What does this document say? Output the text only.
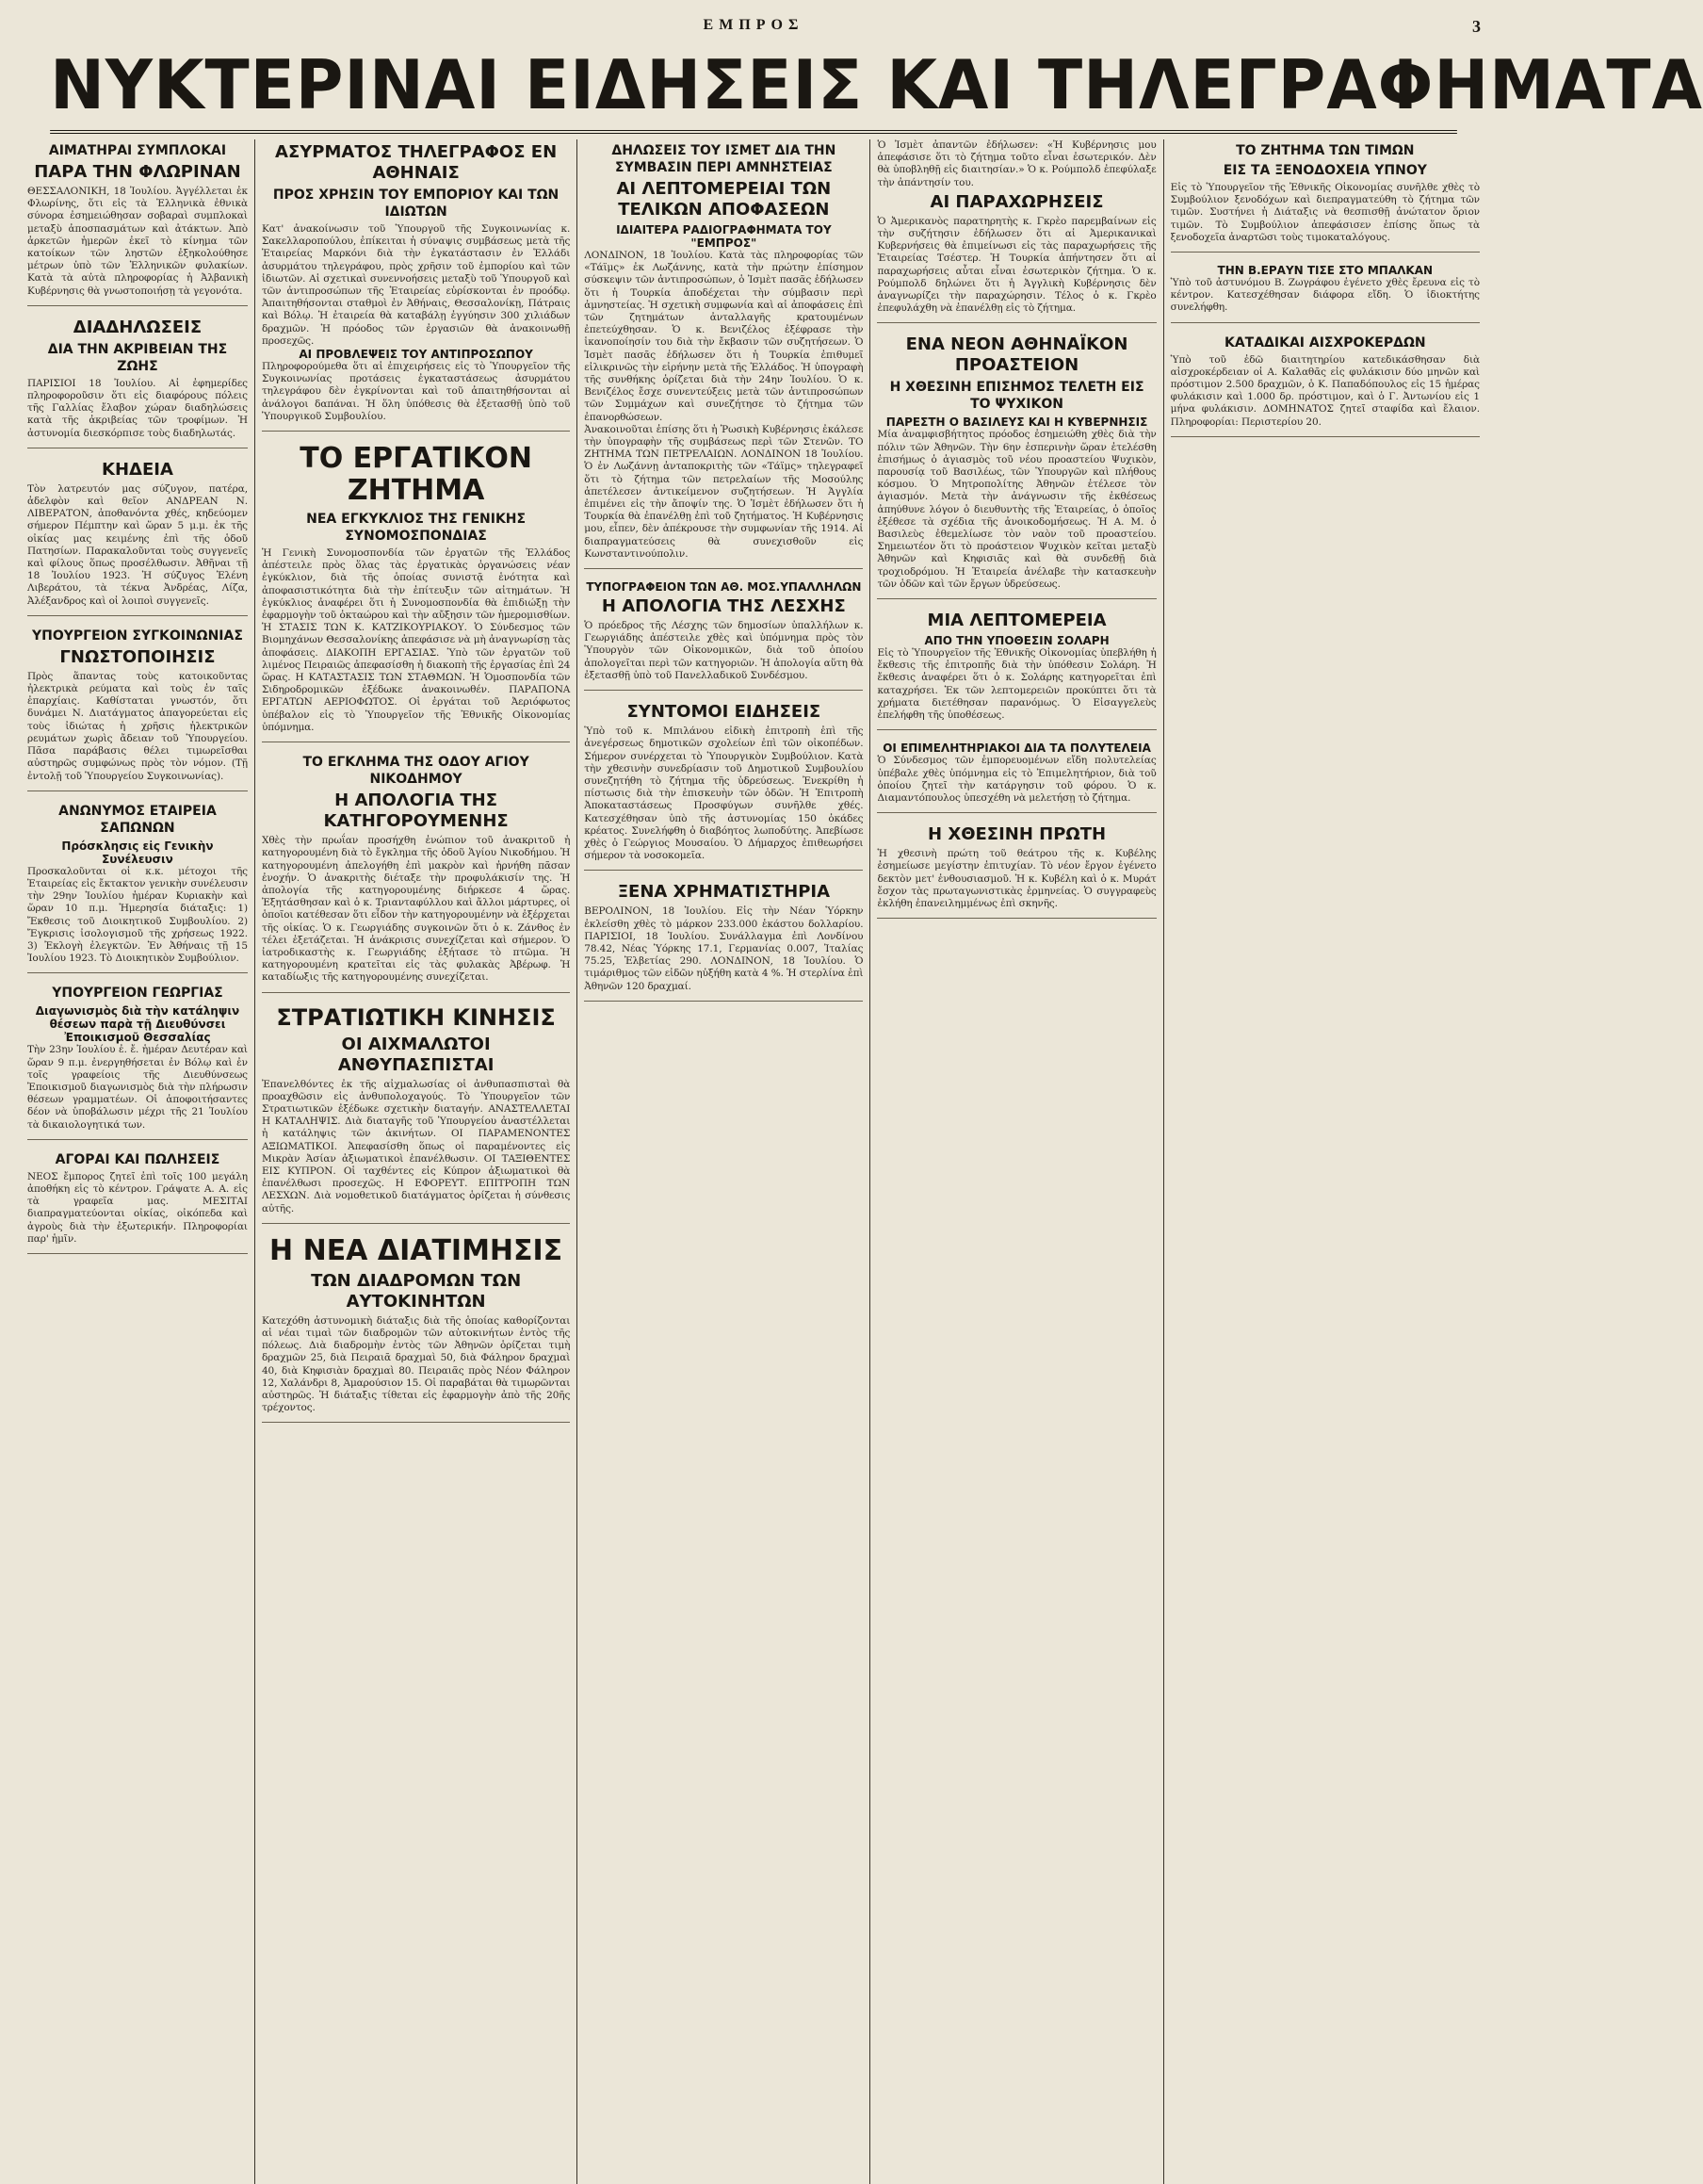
ΕΜΠΡΟΣ	3
ΝΥΚΤΕΡΙΝΑΙ ΕΙΔΗΣΕΙΣ ΚΑΙ ΤΗΛΕΓΡΑΦΗΜΑΤΑ
ΑΙΜΑΤΗΡΑΙ ΣΥΜΠΛΟΚΑΙ
ΠΑΡΑ ΤΗΝ ΦΛΩΡΙΝΑΝ
ΘΕΣΣΑΛΟΝΙΚΗ, 18 Ἰουλίου. Ἀγγέλλεται ἐκ Φλωρίνης, ὅτι εἰς τὰ Ἑλληνικὰ ἐθνικὰ σύνορα ἐσημειώθησαν σοβαραὶ συμπλοκαὶ μεταξὺ ἀποσπασμάτων καὶ ἀτάκτων. Ἀπὸ ἀρκετῶν ἡμερῶν ἐκεῖ τὸ κίνημα τῶν κατοίκων τῶν ληστῶν ἐξηκολούθησε μέτρων ὑπὸ τῶν Ἑλληνικῶν φυλακίων. Κατὰ τὰ αὐτὰ πληροφορίας ἡ Ἀλβανικὴ Κυβέρνησις θὰ γνωστοποιήσῃ τὰ γεγονότα.
ΔΙΑΔΗΛΩΣΕΙΣ
ΔΙΑ ΤΗΝ ΑΚΡΙΒΕΙΑΝ ΤΗΣ ΖΩΗΣ
ΠΑΡΙΣΙΟΙ 18 Ἰουλίου. Αἱ ἐφημερίδες πληροφοροῦσιν ὅτι εἰς διαφόρους πόλεις τῆς Γαλλίας ἔλαβον χώραν διαδηλώσεις κατὰ τῆς ἀκριβείας τῶν τροφίμων. Ἡ ἀστυνομία διεσκόρπισε τοὺς διαδηλωτάς.
ΚΗΔΕΙΑ
Τὸν λατρευτόν μας σύζυγον, πατέρα, ἀδελφὸν καὶ θεῖον ΑΝΔΡΕΑΝ Ν. ΛΙΒΕΡΑΤΟΝ, ἀποθανόντα χθές, κηδεύομεν σήμερον Πέμπτην καὶ ὥραν 5 μ.μ. ἐκ τῆς οἰκίας μας κειμένης ἐπὶ τῆς ὁδοῦ Πατησίων. Παρακαλοῦνται τοὺς συγγενεῖς καὶ φίλους ὅπως προσέλθωσιν. Ἀθῆναι τῇ 18 Ἰουλίου 1923. Ἡ σύζυγος Ἑλένη Λιβεράτου, τὰ τέκνα Ἀνδρέας, Λίζα, Ἀλέξανδρος καὶ οἱ λοιποὶ συγγενεῖς.
ΥΠΟΥΡΓΕΙΟΝ ΣΥΓΚΟΙΝΩΝΙΑΣ
ΓΝΩΣΤΟΠΟΙΗΣΙΣ
Πρὸς ἅπαντας τοὺς κατοικοῦντας ἠλεκτρικὰ ρεύματα καὶ τοὺς ἐν ταῖς ἐπαρχίαις. Καθίσταται γνωστόν, ὅτι δυνάμει Ν. Διατάγματος ἀπαγορεύεται εἰς τοὺς ἰδιώτας ἡ χρῆσις ἠλεκτρικῶν ρευμάτων χωρὶς ἄδειαν τοῦ Ὑπουργείου. Πᾶσα παράβασις θέλει τιμωρεῖσθαι αὐστηρῶς συμφώνως πρὸς τὸν νόμον. (Τῇ ἐντολῇ τοῦ Ὑπουργείου Συγκοινωνίας).
ΑΝΩΝΥΜΟΣ ΕΤΑΙΡΕΙΑ ΣΑΠΩΝΩΝ
Πρόσκλησις εἰς Γενικὴν Συνέλευσιν
Προσκαλοῦνται οἱ κ.κ. μέτοχοι τῆς Ἑταιρείας εἰς ἔκτακτον γενικὴν συνέλευσιν τὴν 29ην Ἰουλίου ἡμέραν Κυριακὴν καὶ ὥραν 10 π.μ. Ἡμερησία διάταξις: 1) Ἔκθεσις τοῦ Διοικητικοῦ Συμβουλίου. 2) Ἔγκρισις ἰσολογισμοῦ τῆς χρήσεως 1922. 3) Ἐκλογὴ ἐλεγκτῶν. Ἐν Ἀθήναις τῇ 15 Ἰουλίου 1923. Τὸ Διοικητικὸν Συμβούλιον.
ΥΠΟΥΡΓΕΙΟΝ ΓΕΩΡΓΙΑΣ
Διαγωνισμὸς διὰ τὴν κατάληψιν θέσεων παρὰ τῇ Διευθύνσει Ἐποικισμοῦ Θεσσαλίας
Τὴν 23ην Ἰουλίου ἐ. ἔ. ἡμέραν Δευτέραν καὶ ὥραν 9 π.μ. ἐνεργηθήσεται ἐν Βόλῳ καὶ ἐν τοῖς γραφείοις τῆς Διευθύνσεως Ἐποικισμοῦ διαγωνισμὸς διὰ τὴν πλήρωσιν θέσεων γραμματέων. Οἱ ἀποφοιτήσαντες δέον νὰ ὑποβάλωσιν μέχρι τῆς 21 Ἰουλίου τὰ δικαιολογητικά των.
ΑΓΟΡΑΙ ΚΑΙ ΠΩΛΗΣΕΙΣ
ΝΕΟΣ ἔμπορος ζητεῖ ἐπὶ τοῖς 100 μεγάλη ἀποθήκη εἰς τὸ κέντρον. Γράψατε Α. Α. εἰς τὰ γραφεῖα μας. ΜΕΣΙΤΑΙ διαπραγματεύονται οἰκίας, οἰκόπεδα καὶ ἀγροὺς διὰ τὴν ἐξωτερικήν. Πληροφορίαι παρ' ἡμῖν.
ΑΣΥΡΜΑΤΟΣ ΤΗΛΕΓΡΑΦΟΣ ΕΝ ΑΘΗΝΑΙΣ
ΠΡΟΣ ΧΡΗΣΙΝ ΤΟΥ ΕΜΠΟΡΙΟΥ ΚΑΙ ΤΩΝ ΙΔΙΩΤΩΝ
Κατ' ἀνακοίνωσιν τοῦ Ὑπουργοῦ τῆς Συγκοινωνίας κ. Σακελλαροπούλου, ἐπίκειται ἡ σύναψις συμβάσεως μετὰ τῆς Ἑταιρείας Μαρκόνι διὰ τὴν ἐγκατάστασιν ἐν Ἑλλάδι ἀσυρμάτου τηλεγράφου, πρὸς χρῆσιν τοῦ ἐμπορίου καὶ τῶν ἰδιωτῶν. Αἱ σχετικαὶ συνεννοήσεις μεταξὺ τοῦ Ὑπουργοῦ καὶ τῶν ἀντιπροσώπων τῆς Ἑταιρείας εὑρίσκονται ἐν προόδῳ. Ἀπαιτηθήσονται σταθμοὶ ἐν Ἀθήναις, Θεσσαλονίκῃ, Πάτραις καὶ Βόλῳ. Ἡ ἐταιρεία θὰ καταβάλῃ ἐγγύησιν 300 χιλιάδων δραχμῶν. Ἡ πρόοδος τῶν ἐργασιῶν θὰ ἀνακοινωθῇ προσεχῶς.
ΑΙ ΠΡΟΒΛΕΨΕΙΣ ΤΟΥ ΑΝΤΙΠΡΟΣΩΠΟΥ
Πληροφορούμεθα ὅτι αἱ ἐπιχειρήσεις εἰς τὸ Ὑπουργεῖον τῆς Συγκοινωνίας προτάσεις ἐγκαταστάσεως ἀσυρμάτου τηλεγράφου δὲν ἐγκρίνονται καὶ τοῦ ἀπαιτηθήσονται αἱ ἀνάλογοι δαπάναι. Ἡ ὅλη ὑπόθεσις θὰ ἐξετασθῇ ὑπὸ τοῦ Ὑπουργικοῦ Συμβουλίου.
ΤΟ ΕΡΓΑΤΙΚΟΝ ΖΗΤΗΜΑ
ΝΕΑ ΕΓΚΥΚΛΙΟΣ ΤΗΣ ΓΕΝΙΚΗΣ ΣΥΝΟΜΟΣΠΟΝΔΙΑΣ
Ἡ Γενικὴ Συνομοσπονδία τῶν ἐργατῶν τῆς Ἑλλάδος ἀπέστειλε πρὸς ὅλας τὰς ἐργατικὰς ὀργανώσεις νέαν ἐγκύκλιον, διὰ τῆς ὁποίας συνιστᾷ ἑνότητα καὶ ἀποφασιστικότητα διὰ τὴν ἐπίτευξιν τῶν αἰτημάτων. Ἡ ἐγκύκλιος ἀναφέρει ὅτι ἡ Συνομοσπονδία θὰ ἐπιδιώξῃ τὴν ἐφαρμογὴν τοῦ ὀκταώρου καὶ τὴν αὔξησιν τῶν ἡμερομισθίων. Ἡ ΣΤΑΣΙΣ ΤΩΝ Κ. ΚΑΤΖΙΚΟΥΡΙΑΚΟΥ. Ὁ Σύνδεσμος τῶν Βιομηχάνων Θεσσαλονίκης ἀπεφάσισε νὰ μὴ ἀναγνωρίσῃ τὰς ἀποφάσεις. ΔΙΑΚΟΠΗ ΕΡΓΑΣΙΑΣ. Ὑπὸ τῶν ἐργατῶν τοῦ λιμένος Πειραιῶς ἀπεφασίσθη ἡ διακοπὴ τῆς ἐργασίας ἐπὶ 24 ὥρας. Η ΚΑΤΑΣΤΑΣΙΣ ΤΩΝ ΣΤΑΘΜΩΝ. Ἡ Ὁμοσπονδία τῶν Σιδηροδρομικῶν ἐξέδωκε ἀνακοινωθέν. ΠΑΡΑΠΟΝΑ ΕΡΓΑΤΩΝ ΑΕΡΙΟΦΩΤΟΣ. Οἱ ἐργάται τοῦ Ἀεριόφωτος ὑπέβαλον εἰς τὸ Ὑπουργεῖον τῆς Ἐθνικῆς Οἰκονομίας ὑπόμνημα.
ΤΟ ΕΓΚΛΗΜΑ ΤΗΣ ΟΔΟΥ ΑΓΙΟΥ ΝΙΚΟΔΗΜΟΥ
Η ΑΠΟΛΟΓΙΑ ΤΗΣ ΚΑΤΗΓΟΡΟΥΜΕΝΗΣ
Χθὲς τὴν πρωΐαν προσήχθη ἐνώπιον τοῦ ἀνακριτοῦ ἡ κατηγορουμένη διὰ τὸ ἔγκλημα τῆς ὁδοῦ Ἁγίου Νικοδήμου. Ἡ κατηγορουμένη ἀπελογήθη ἐπὶ μακρὸν καὶ ἠρνήθη πᾶσαν ἐνοχήν. Ὁ ἀνακριτὴς διέταξε τὴν προφυλάκισίν της. Ἡ ἀπολογία τῆς κατηγορουμένης διήρκεσε 4 ὥρας. Ἐξητάσθησαν καὶ ὁ κ. Τριανταφύλλου καὶ ἄλλοι μάρτυρες, οἱ ὁποῖοι κατέθεσαν ὅτι εἶδον τὴν κατηγορουμένην νὰ ἐξέρχεται τῆς οἰκίας. Ὁ κ. Γεωργιάδης συγκοινῶν ὅτι ὁ κ. Ζάνθος ἐν τέλει ἐξετάζεται. Ἡ ἀνάκρισις συνεχίζεται καὶ σήμερον. Ὁ ἰατροδικαστὴς κ. Γεωργιάδης ἐξήτασε τὸ πτῶμα. Ἡ κατηγορουμένη κρατεῖται εἰς τὰς φυλακὰς Ἀβέρωφ. Ἡ καταδίωξις τῆς κατηγορουμένης συνεχίζεται.
ΣΤΡΑΤΙΩΤΙΚΗ ΚΙΝΗΣΙΣ
ΟΙ ΑΙΧΜΑΛΩΤΟΙ ΑΝΘΥΠΑΣΠΙΣΤΑΙ
Ἐπανελθόντες ἐκ τῆς αἰχμαλωσίας οἱ ἀνθυπασπισταὶ θὰ προαχθῶσιν εἰς ἀνθυπολοχαγούς. Τὸ Ὑπουργεῖον τῶν Στρατιωτικῶν ἐξέδωκε σχετικὴν διαταγήν. ΑΝΑΣΤΕΛΛΕΤΑΙ Η ΚΑΤΑΛΗΨΙΣ. Διὰ διαταγῆς τοῦ Ὑπουργείου ἀναστέλλεται ἡ κατάληψις τῶν ἀκινήτων. ΟΙ ΠΑΡΑΜΕΝΟΝΤΕΣ ΑΞΙΩΜΑΤΙΚΟΙ. Ἀπεφασίσθη ὅπως οἱ παραμένοντες εἰς Μικρὰν Ἀσίαν ἀξιωματικοὶ ἐπανέλθωσιν. ΟΙ ΤΑΞΙΘΕΝΤΕΣ ΕΙΣ ΚΥΠΡΟΝ. Οἱ ταχθέντες εἰς Κύπρον ἀξιωματικοὶ θὰ ἐπανέλθωσι προσεχῶς. Η ΕΦΟΡΕΥΤ. ΕΠΙΤΡΟΠΗ ΤΩΝ ΛΕΣΧΩΝ. Διὰ νομοθετικοῦ διατάγματος ὁρίζεται ἡ σύνθεσις αὐτῆς.
Η ΝΕΑ ΔΙΑΤΙΜΗΣΙΣ
ΤΩΝ ΔΙΑΔΡΟΜΩΝ ΤΩΝ ΑΥΤΟΚΙΝΗΤΩΝ
Κατεχόθη ἀστυνομικὴ διάταξις διὰ τῆς ὁποίας καθορίζονται αἱ νέαι τιμαὶ τῶν διαδρομῶν τῶν αὐτοκινήτων ἐντὸς τῆς πόλεως. Διὰ διαδρομὴν ἐντὸς τῶν Ἀθηνῶν ὁρίζεται τιμὴ δραχμῶν 25, διὰ Πειραιᾶ δραχμαὶ 50, διὰ Φάληρον δραχμαὶ 40, διὰ Κηφισιὰν δραχμαὶ 80. Πειραιᾶς πρὸς Νέον Φάληρον 12, Χαλάνδρι 8, Ἀμαρούσιον 15. Οἱ παραβάται θὰ τιμωρῶνται αὐστηρῶς. Ἡ διάταξις τίθεται εἰς ἐφαρμογὴν ἀπὸ τῆς 20ῆς τρέχοντος.
ΔΗΛΩΣΕΙΣ ΤΟΥ ΙΣΜΕΤ ΔΙΑ ΤΗΝ ΣΥΜΒΑΣΙΝ ΠΕΡΙ ΑΜΝΗΣΤΕΙΑΣ
ΑΙ ΛΕΠΤΟΜΕΡΕΙΑΙ ΤΩΝ ΤΕΛΙΚΩΝ ΑΠΟΦΑΣΕΩΝ
ΙΔΙΑΙΤΕΡΑ ΡΑΔΙΟΓΡΑΦΗΜΑΤΑ ΤΟΥ "ΕΜΠΡΟΣ"
ΛΟΝΔΙΝΟΝ, 18 Ἰουλίου. Κατὰ τὰς πληροφορίας τῶν «Τάϊμς» ἐκ Λωζάννης, κατὰ τὴν πρώτην ἐπίσημον σύσκεψιν τῶν ἀντιπροσώπων, ὁ Ἰσμὲτ πασᾶς ἐδήλωσεν ὅτι ἡ Τουρκία ἀποδέχεται τὴν σύμβασιν περὶ ἀμνηστείας. Ἡ σχετικὴ συμφωνία καὶ αἱ ἀποφάσεις ἐπὶ τῶν ζητημάτων ἀνταλλαγῆς κρατουμένων ἐπετεύχθησαν. Ὁ κ. Βενιζέλος ἐξέφρασε τὴν ἱκανοποίησίν του διὰ τὴν ἔκβασιν τῶν συζητήσεων. Ὁ Ἰσμὲτ πασᾶς ἐδήλωσεν ὅτι ἡ Τουρκία ἐπιθυμεῖ εἰλικρινῶς τὴν εἰρήνην μετὰ τῆς Ἑλλάδος. Ἡ ὑπογραφὴ τῆς συνθήκης ὁρίζεται διὰ τὴν 24ην Ἰουλίου. Ὁ κ. Βενιζέλος ἔσχε συνεντεύξεις μετὰ τῶν ἀντιπροσώπων τῶν Συμμάχων καὶ συνεζήτησε τὸ ζήτημα τῶν ἐπανορθώσεων.
Ἀνακοινοῦται ἐπίσης ὅτι ἡ Ῥωσικὴ Κυβέρνησις ἐκάλεσε τὴν ὑπογραφὴν τῆς συμβάσεως περὶ τῶν Στενῶν. ΤΟ ΖΗΤΗΜΑ ΤΩΝ ΠΕΤΡΕΛΑΙΩΝ. ΛΟΝΔΙΝΟΝ 18 Ἰουλίου. Ὁ ἐν Λωζάννῃ ἀνταποκριτὴς τῶν «Τάϊμς» τηλεγραφεῖ ὅτι τὸ ζήτημα τῶν πετρελαίων τῆς Μοσούλης ἀπετέλεσεν ἀντικείμενον συζητήσεων. Ἡ Ἀγγλία ἐπιμένει εἰς τὴν ἄποψίν της. Ὁ Ἰσμὲτ ἐδήλωσεν ὅτι ἡ Τουρκία θὰ ἐπανέλθῃ ἐπὶ τοῦ ζητήματος. Ἡ Κυβέρνησις μου, εἶπεν, δὲν ἀπέκρουσε τὴν συμφωνίαν τῆς 1914. Αἱ διαπραγματεύσεις θὰ συνεχισθοῦν εἰς Κωνσταντινούπολιν.
ΤΥΠΟΓΡΑΦΕΙΟΝ ΤΩΝ ΑΘ. ΜΟΣ.ΥΠΑΛΛΗΛΩΝ
Η ΑΠΟΛΟΓΙΑ ΤΗΣ ΛΕΣΧΗΣ
Ὁ πρόεδρος τῆς Λέσχης τῶν δημοσίων ὑπαλλήλων κ. Γεωργιάδης ἀπέστειλε χθὲς καὶ ὑπόμνημα πρὸς τὸν Ὑπουργὸν τῶν Οἰκονομικῶν, διὰ τοῦ ὁποίου ἀπολογεῖται περὶ τῶν κατηγοριῶν. Ἡ ἀπολογία αὕτη θὰ ἐξετασθῇ ὑπὸ τοῦ Πανελλαδικοῦ Συνδέσμου.
ΣΥΝΤΟΜΟΙ ΕΙΔΗΣΕΙΣ
Ὑπὸ τοῦ κ. Μπιλάνου εἰδικὴ ἐπιτροπὴ ἐπὶ τῆς ἀνεγέρσεως δημοτικῶν σχολείων ἐπὶ τῶν οἰκοπέδων. Σήμερον συνέρχεται τὸ Ὑπουργικὸν Συμβούλιον. Κατὰ τὴν χθεσινὴν συνεδρίασιν τοῦ Δημοτικοῦ Συμβουλίου συνεζητήθη τὸ ζήτημα τῆς ὑδρεύσεως. Ἐνεκρίθη ἡ πίστωσις διὰ τὴν ἐπισκευὴν τῶν ὁδῶν. Ἡ Ἐπιτροπὴ Ἀποκαταστάσεως Προσφύγων συνῆλθε χθές. Κατεσχέθησαν ὑπὸ τῆς ἀστυνομίας 150 ὀκάδες κρέατος. Συνελήφθη ὁ διαβόητος λωποδύτης. Ἀπεβίωσε χθὲς ὁ Γεώργιος Μουσαίου. Ὁ Δήμαρχος ἐπιθεωρήσει σήμερον τὰ νοσοκομεῖα.
ΞΕΝΑ ΧΡΗΜΑΤΙΣΤΗΡΙΑ
ΒΕΡΟΛΙΝΟΝ, 18 Ἰουλίου. Εἰς τὴν Νέαν Ὑόρκην ἐκλείσθη χθὲς τὸ μάρκον 233.000 ἑκάστου δολλαρίου. ΠΑΡΙΣΙΟΙ, 18 Ἰουλίου. Συνάλλαγμα ἐπὶ Λονδίνου 78.42, Νέας Ὑόρκης 17.1, Γερμανίας 0.007, Ἰταλίας 75.25, Ἑλβετίας 290. ΛΟΝΔΙΝΟΝ, 18 Ἰουλίου. Ὁ τιμάριθμος τῶν εἰδῶν ηὐξήθη κατὰ 4 %. Ἡ στερλίνα ἐπὶ Ἀθηνῶν 120 δραχμαί.
Ὁ Ἰσμὲτ ἀπαντῶν ἐδήλωσεν: «Ἡ Κυβέρνησις μου ἀπεφάσισε ὅτι τὸ ζήτημα τοῦτο εἶναι ἐσωτερικόν. Δὲν θὰ ὑποβληθῇ εἰς διαιτησίαν.» Ὁ κ. Ρούμπολδ ἐπεφύλαξε τὴν ἀπάντησίν του.
ΑΙ ΠΑΡΑΧΩΡΗΣΕΙΣ
Ὁ Ἀμερικανὸς παρατηρητὴς κ. Γκρὲο παρεμβαίνων εἰς τὴν συζήτησιν ἐδήλωσεν ὅτι αἱ Ἀμερικανικαὶ Κυβερνήσεις θὰ ἐπιμείνωσι εἰς τὰς παραχωρήσεις τῆς Ἑταιρείας Τσέστερ. Ἡ Τουρκία ἀπήντησεν ὅτι αἱ παραχωρήσεις αὗται εἶναι ἐσωτερικὸν ζήτημα. Ὁ κ. Ρούμπολδ δηλώνει ὅτι ἡ Ἀγγλικὴ Κυβέρνησις δὲν ἀναγνωρίζει τὴν παραχώρησιν. Τέλος ὁ κ. Γκρὲο ἐπεφυλάχθη νὰ ἐπανέλθῃ εἰς τὸ ζήτημα.
ΕΝΑ ΝΕΟΝ ΑΘΗΝΑΪΚΟΝ ΠΡΟΑΣΤΕΙΟΝ
Η ΧΘΕΣΙΝΗ ΕΠΙΣΗΜΟΣ ΤΕΛΕΤΗ ΕΙΣ ΤΟ ΨΥΧΙΚΟΝ
ΠΑΡΕΣΤΗ Ο ΒΑΣΙΛΕΥΣ ΚΑΙ Η ΚΥΒΕΡΝΗΣΙΣ
Μία ἀναμφισβήτητος πρόοδος ἐσημειώθη χθὲς διὰ τὴν πόλιν τῶν Ἀθηνῶν. Τὴν 6ην ἑσπερινὴν ὥραν ἐτελέσθη ἐπισήμως ὁ ἁγιασμὸς τοῦ νέου προαστείου Ψυχικὸν, παρουσίᾳ τοῦ Βασιλέως, τῶν Ὑπουργῶν καὶ πλήθους κόσμου. Ὁ Μητροπολίτης Ἀθηνῶν ἐτέλεσε τὸν ἁγιασμόν. Μετὰ τὴν ἀνάγνωσιν τῆς ἐκθέσεως ἀπηύθυνε λόγον ὁ διευθυντὴς τῆς Ἑταιρείας, ὁ ὁποῖος ἐξέθεσε τὰ σχέδια τῆς ἀνοικοδομήσεως. Ἡ Α. Μ. ὁ Βασιλεὺς ἐθεμελίωσε τὸν ναὸν τοῦ προαστείου. Σημειωτέον ὅτι τὸ προάστειον Ψυχικὸν κεῖται μεταξὺ Ἀθηνῶν καὶ Κηφισιᾶς καὶ θὰ συνδεθῇ διὰ τροχιοδρόμου. Ἡ Ἑταιρεία ἀνέλαβε τὴν κατασκευὴν τῶν ὁδῶν καὶ τῶν ἔργων ὑδρεύσεως.
ΜΙΑ ΛΕΠΤΟΜΕΡΕΙΑ
ΑΠΟ ΤΗΝ ΥΠΟΘΕΣΙΝ ΣΟΛΑΡΗ
Εἰς τὸ Ὑπουργεῖον τῆς Ἐθνικῆς Οἰκονομίας ὑπεβλήθη ἡ ἔκθεσις τῆς ἐπιτροπῆς διὰ τὴν ὑπόθεσιν Σολάρη. Ἡ ἔκθεσις ἀναφέρει ὅτι ὁ κ. Σολάρης κατηγορεῖται ἐπὶ καταχρήσει. Ἐκ τῶν λεπτομερειῶν προκύπτει ὅτι τὰ χρήματα διετέθησαν παρανόμως. Ὁ Εἰσαγγελεὺς ἐπελήφθη τῆς ὑποθέσεως.
ΟΙ ΕΠΙΜΕΛΗΤΗΡΙΑΚΟΙ ΔΙΑ ΤΑ ΠΟΛΥΤΕΛΕΙΑ
Ὁ Σύνδεσμος τῶν ἐμπορευομένων εἴδη πολυτελείας ὑπέβαλε χθὲς ὑπόμνημα εἰς τὸ Ἐπιμελητήριον, διὰ τοῦ ὁποίου ζητεῖ τὴν κατάργησιν τοῦ φόρου. Ὁ κ. Διαμαντόπουλος ὑπεσχέθη νὰ μελετήσῃ τὸ ζήτημα.
Η ΧΘΕΣΙΝΗ ΠΡΩΤΗ
Ἡ χθεσινὴ πρώτη τοῦ θεάτρου τῆς κ. Κυβέλης ἐσημείωσε μεγίστην ἐπιτυχίαν. Τὸ νέον ἔργον ἐγένετο δεκτὸν μετ' ἐνθουσιασμοῦ. Ἡ κ. Κυβέλη καὶ ὁ κ. Μυράτ ἔσχον τὰς πρωταγωνιστικὰς ἑρμηνείας. Ὁ συγγραφεὺς ἐκλήθη ἐπανειλημμένως ἐπὶ σκηνῆς.
ΤΟ ΖΗΤΗΜΑ ΤΩΝ ΤΙΜΩΝ
ΕΙΣ ΤΑ ΞΕΝΟΔΟΧΕΙΑ ΥΠΝΟΥ
Εἰς τὸ Ὑπουργεῖον τῆς Ἐθνικῆς Οἰκονομίας συνῆλθε χθὲς τὸ Συμβούλιον ξενοδόχων καὶ διεπραγματεύθη τὸ ζήτημα τῶν τιμῶν. Συστήνει ἡ Διάταξις νὰ θεσπισθῇ ἀνώτατον ὅριον τιμῶν. Τὸ Συμβούλιον ἀπεφάσισεν ἐπίσης ὅπως τὰ ξενοδοχεῖα ἀναρτῶσι τοὺς τιμοκαταλόγους.
ΤΗΝ Β.ΕΡΑΥΝ ΤΙΣΕ ΣΤΟ ΜΠΑΛΚΑΝ
Ὑπὸ τοῦ ἀστυνόμου Β. Ζωγράφου ἐγένετο χθὲς ἔρευνα εἰς τὸ κέντρον. Κατεσχέθησαν διάφορα εἴδη. Ὁ ἰδιοκτήτης συνελήφθη.
ΚΑΤΑΔΙΚΑΙ ΑΙΣΧΡΟΚΕΡΔΩΝ
Ὑπὸ τοῦ ἐδῶ διαιτητηρίου κατεδικάσθησαν διὰ αἰσχροκέρδειαν οἱ Α. Καλαθᾶς εἰς φυλάκισιν δύο μηνῶν καὶ πρόστιμον 2.500 δραχμῶν, ὁ Κ. Παπαδόπουλος εἰς 15 ἡμέρας φυλάκισιν καὶ 1.000 δρ. πρόστιμον, καὶ ὁ Γ. Ἀντωνίου εἰς 1 μήνα φυλάκισιν. ΔΟΜΗΝΑΤΟΣ ζητεῖ σταφίδα καὶ ἔλαιον. Πληροφορίαι: Περιστερίου 20.
